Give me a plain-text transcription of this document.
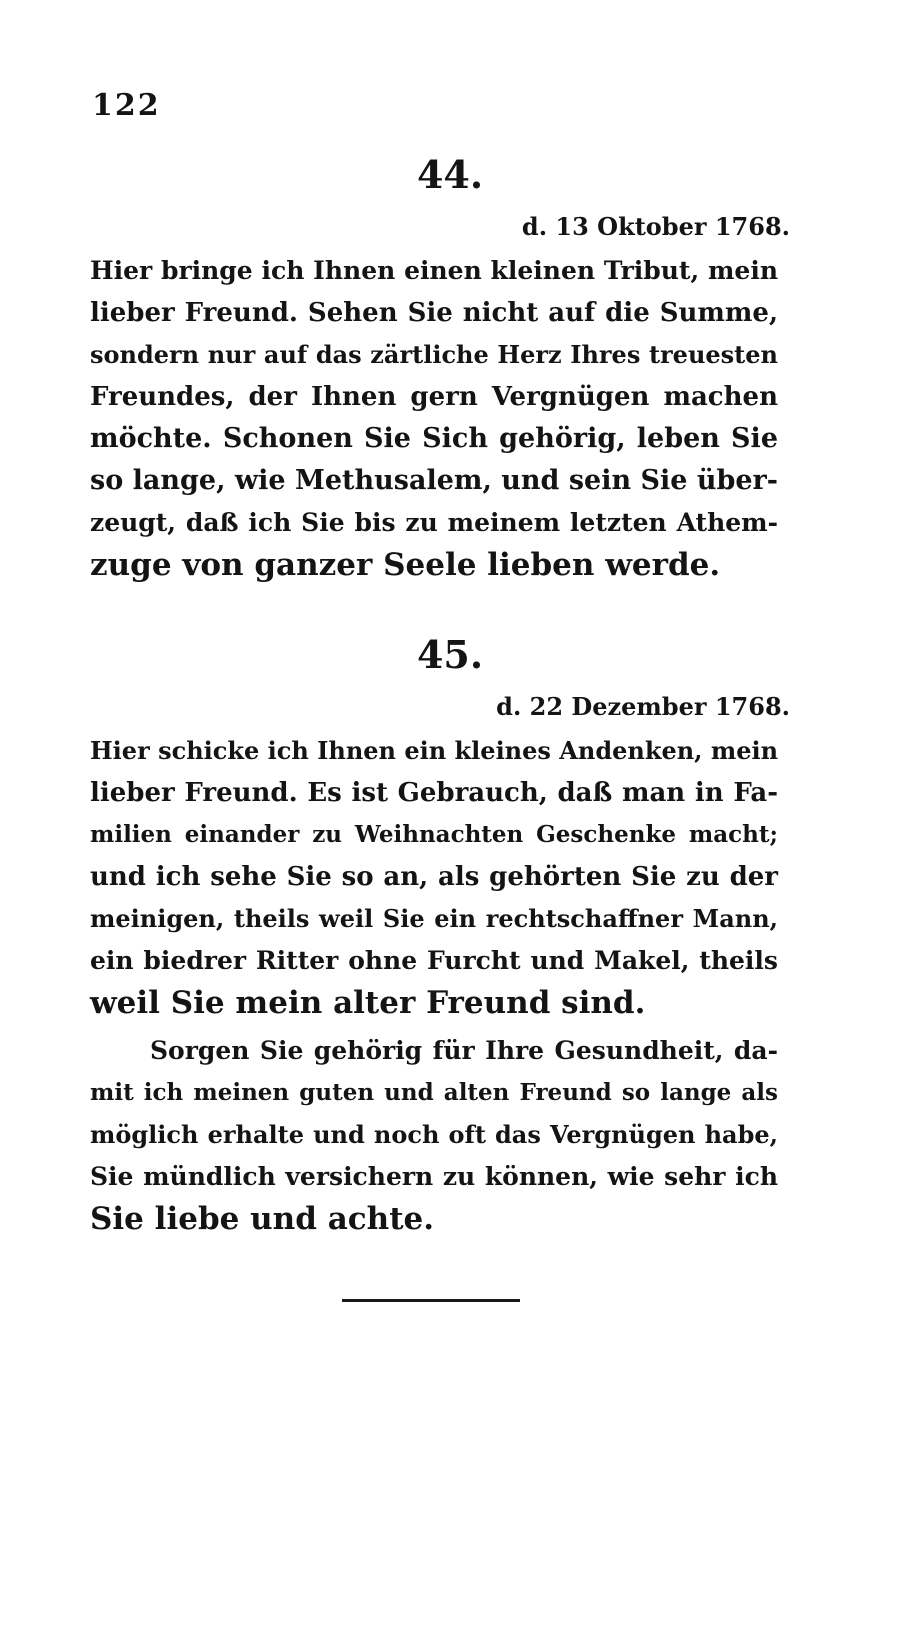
122
44.
d. 13 Oktober 1768.
Hier bringe ich Ihnen einen kleinen Tribut, mein
lieber Freund. Sehen Sie nicht auf die Summe,
sondern nur auf das zärtliche Herz Ihres treuesten
Freundes, der Ihnen gern Vergnügen machen
möchte. Schonen Sie Sich gehörig, leben Sie
so lange, wie Methusalem, und sein Sie über-
zeugt, daß ich Sie bis zu meinem letzten Athem-
zuge von ganzer Seele lieben werde.
45.
d. 22 Dezember 1768.
Hier schicke ich Ihnen ein kleines Andenken, mein
lieber Freund. Es ist Gebrauch, daß man in Fa-
milien einander zu Weihnachten Geschenke macht;
und ich sehe Sie so an, als gehörten Sie zu der
meinigen, theils weil Sie ein rechtschaffner Mann,
ein biedrer Ritter ohne Furcht und Makel, theils
weil Sie mein alter Freund sind.
Sorgen Sie gehörig für Ihre Gesundheit, da-
mit ich meinen guten und alten Freund so lange als
möglich erhalte und noch oft das Vergnügen habe,
Sie mündlich versichern zu können, wie sehr ich
Sie liebe und achte.
